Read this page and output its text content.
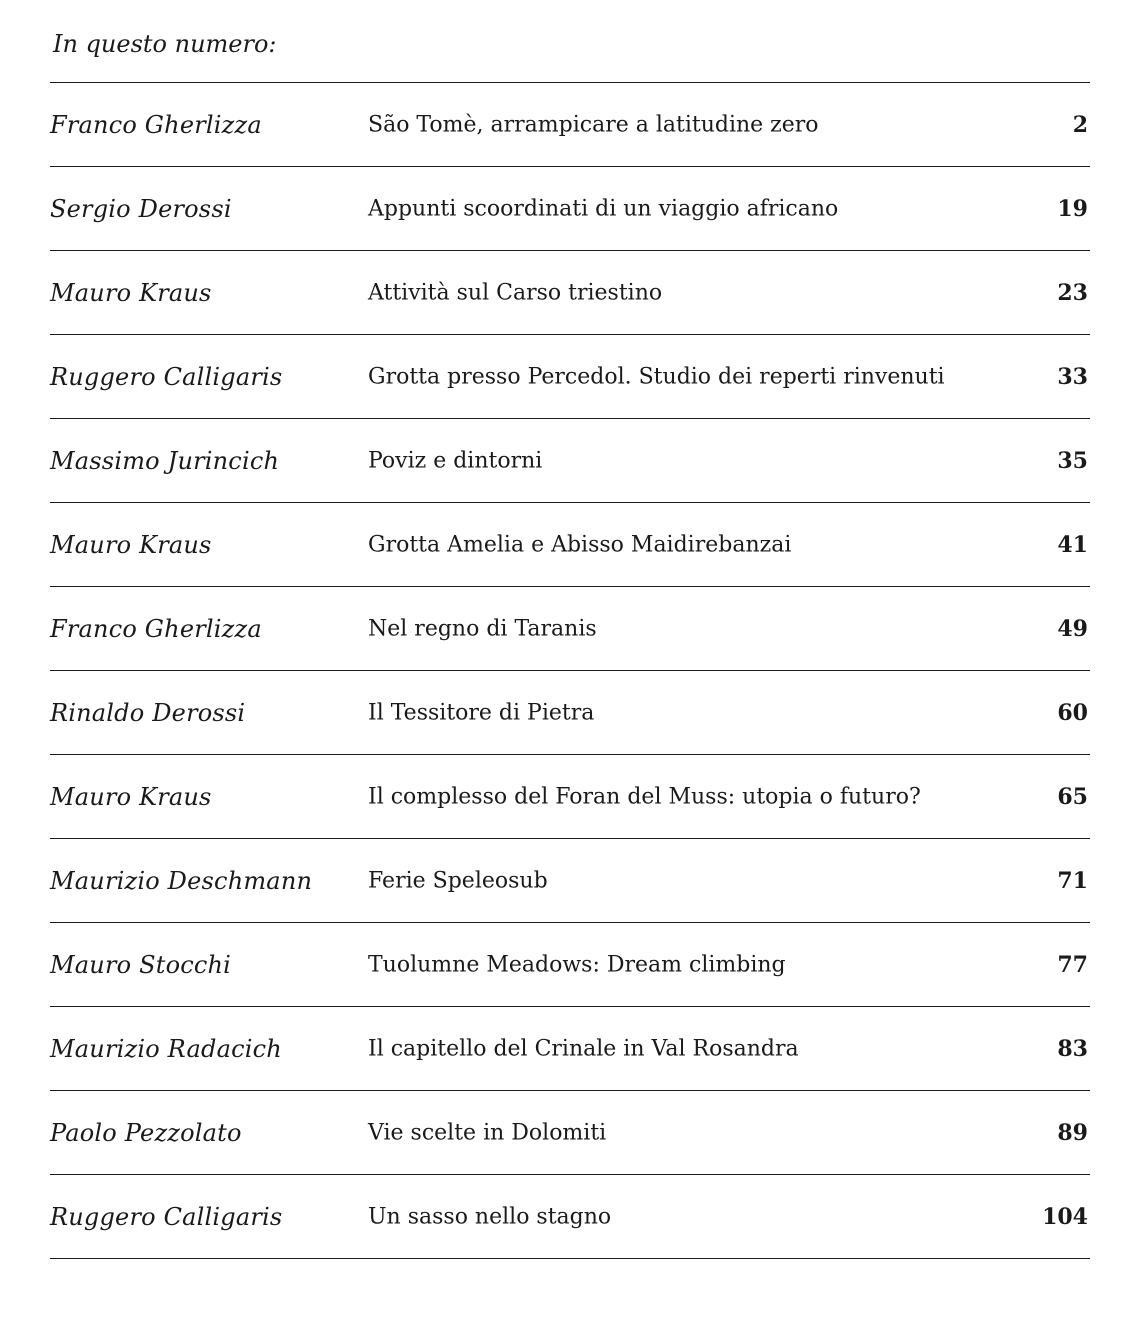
In questo numero:
Franco Gherlizza	São Tomè, arrampicare a latitudine zero	2
Sergio Derossi	Appunti scoordinati di un viaggio africano	19
Mauro Kraus	Attività sul Carso triestino	23
Ruggero Calligaris	Grotta presso Percedol. Studio dei reperti rinvenuti	33
Massimo Jurincich	Poviz e dintorni	35
Mauro Kraus	Grotta Amelia e Abisso Maidirebanzai	41
Franco Gherlizza	Nel regno di Taranis	49
Rinaldo Derossi	Il Tessitore di Pietra	60
Mauro Kraus	Il complesso del Foran del Muss: utopia o futuro?	65
Maurizio Deschmann	Ferie Speleosub	71
Mauro Stocchi	Tuolumne Meadows: Dream climbing	77
Maurizio Radacich	Il capitello del Crinale in Val Rosandra	83
Paolo Pezzolato	Vie scelte in Dolomiti	89
Ruggero Calligaris	Un sasso nello stagno	104
